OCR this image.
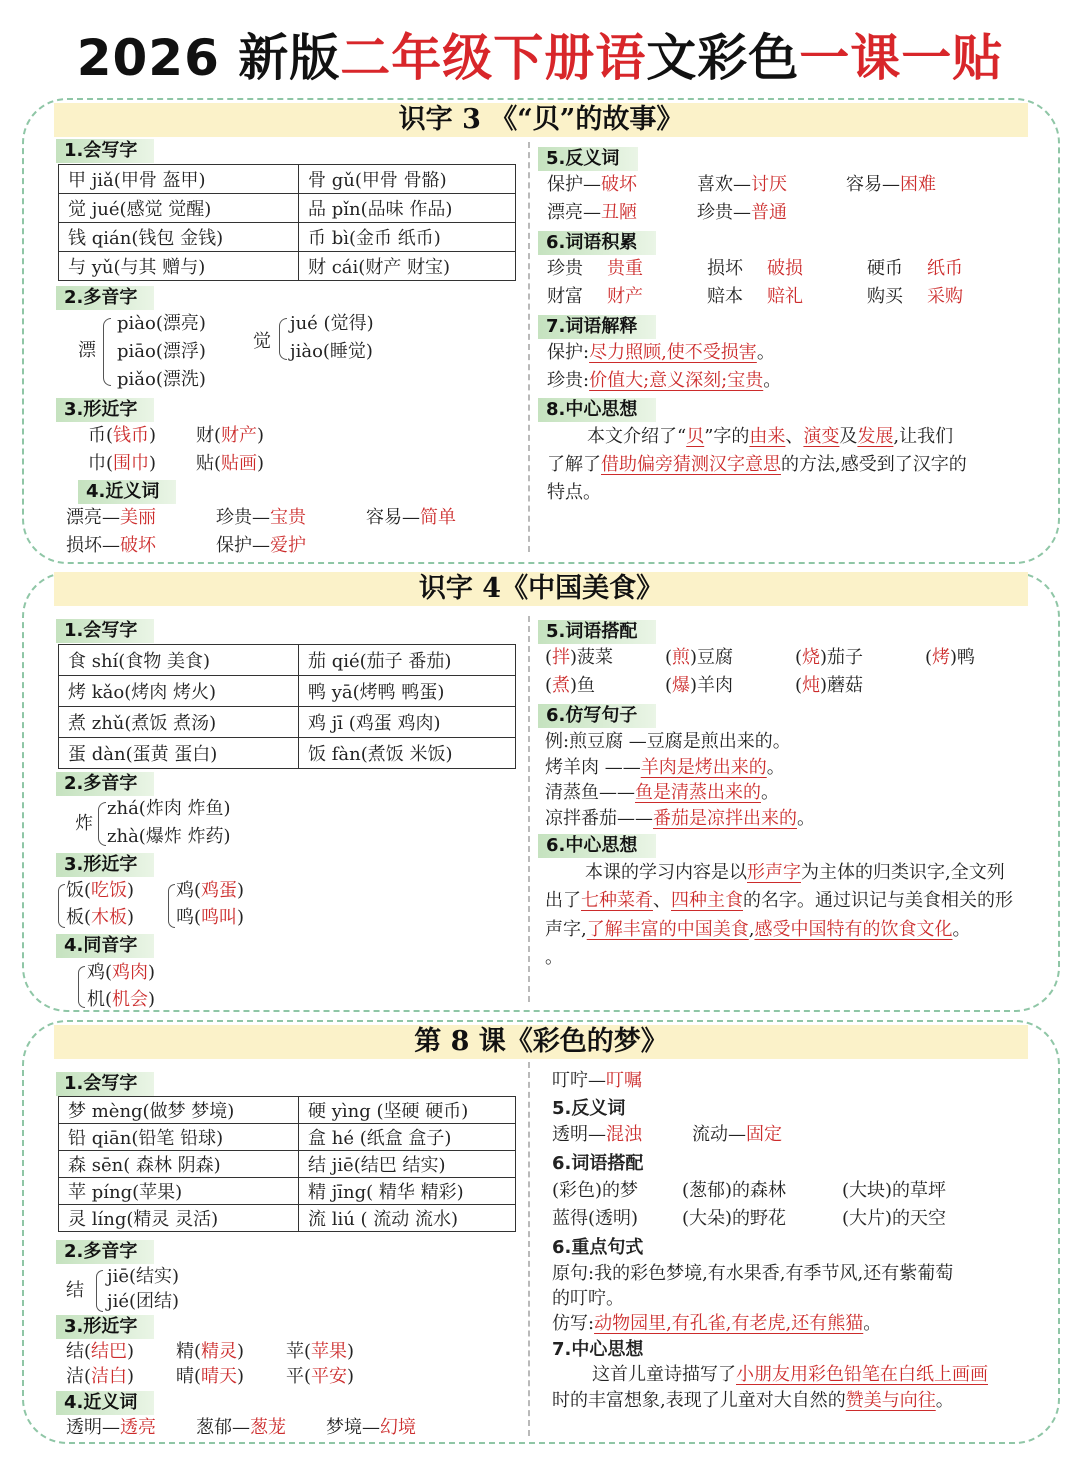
2026 新版二年级下册语文彩色一课一贴
识字 3 《“贝”的故事》
1.会写字
甲 jiǎ(甲骨 盔甲)	骨 gǔ(甲骨 骨骼)
觉 jué(感觉 觉醒)	品 pǐn(品味 作品)
钱 qián(钱包 金钱)	币 bì(金币 纸币)
与 yǔ(与其 赠与)	财 cái(财产 财宝)
2.多音字
漂
piào(漂亮)
piāo(漂浮)
piǎo(漂洗)
觉
jué (觉得)
jiào(睡觉)
3.形近字
币(钱币) 财(财产)
巾(围巾) 贴(贴画)
4.近义词
漂亮—美丽	珍贵—宝贵	容易—简单
损坏—破坏	保护—爱护
5.反义词
保护—破坏	喜欢—讨厌	容易—困难
漂亮—丑陋	珍贵—普通
6.词语积累
珍贵 贵重	损坏 破损	硬币 纸币
财富 财产	赔本 赔礼	购买 采购
7.词语解释
保护:尽力照顾,使不受损害。
珍贵:价值大;意义深刻;宝贵。
8.中心思想
本文介绍了“贝”字的由来、演变及发展,让我们
了解了借助偏旁猜测汉字意思的方法,感受到了汉字的
特点。
识字 4《中国美食》
1.会写字
食 shí(食物 美食)	茄 qié(茄子 番茄)
烤 kǎo(烤肉 烤火)	鸭 yā(烤鸭 鸭蛋)
煮 zhǔ(煮饭 煮汤)	鸡 jī (鸡蛋 鸡肉)
蛋 dàn(蛋黄 蛋白)	饭 fàn(煮饭 米饭)
2.多音字
炸
zhá(炸肉 炸鱼)
zhà(爆炸 炸药)
3.形近字
饭(吃饭)
板(木板)
鸡(鸡蛋)
鸣(鸣叫)
4.同音字
鸡(鸡肉)
机(机会)
5.词语搭配
(拌)菠菜	(煎)豆腐	(烧)茄子	(烤)鸭
(煮)鱼	(爆)羊肉	(炖)蘑菇
6.仿写句子
例:煎豆腐 —豆腐是煎出来的。
烤羊肉 ——羊肉是烤出来的。
清蒸鱼——鱼是清蒸出来的。
凉拌番茄——番茄是凉拌出来的。
6.中心思想
本课的学习内容是以形声字为主体的归类识字,全文列
出了七种菜肴、四种主食的名字。通过识记与美食相关的形
声字,了解丰富的中国美食,感受中国特有的饮食文化。
。
第 8 课《彩色的梦》
1.会写字
梦 mèng(做梦 梦境)	硬 yìng (坚硬 硬币)
铅 qiān(铅笔 铅球)	盒 hé (纸盒 盒子)
森 sēn( 森林 阴森)	结 jiē(结巴 结实)
苹 píng(苹果)	精 jīng( 精华 精彩)
灵 líng(精灵 灵活)	流 liú ( 流动 流水)
2.多音字
结
jiē(结实)
jié(团结)
3.形近字
结(结巴) 精(精灵) 苹(苹果)
洁(洁白) 晴(晴天) 平(平安)
4.近义词
透明—透亮 葱郁—葱茏 梦境—幻境
叮咛—叮嘱
5.反义词
透明—混浊	流动—固定
6.词语搭配
(彩色)的梦 (葱郁)的森林	(大块)的草坪
蓝得(透明) (大朵)的野花	(大片)的天空
6.重点句式
原句:我的彩色梦境,有水果香,有季节风,还有紫葡萄
的叮咛。
仿写:动物园里,有孔雀,有老虎,还有熊猫。
7.中心思想
这首儿童诗描写了小朋友用彩色铅笔在白纸上画画
时的丰富想象,表现了儿童对大自然的赞美与向往。
